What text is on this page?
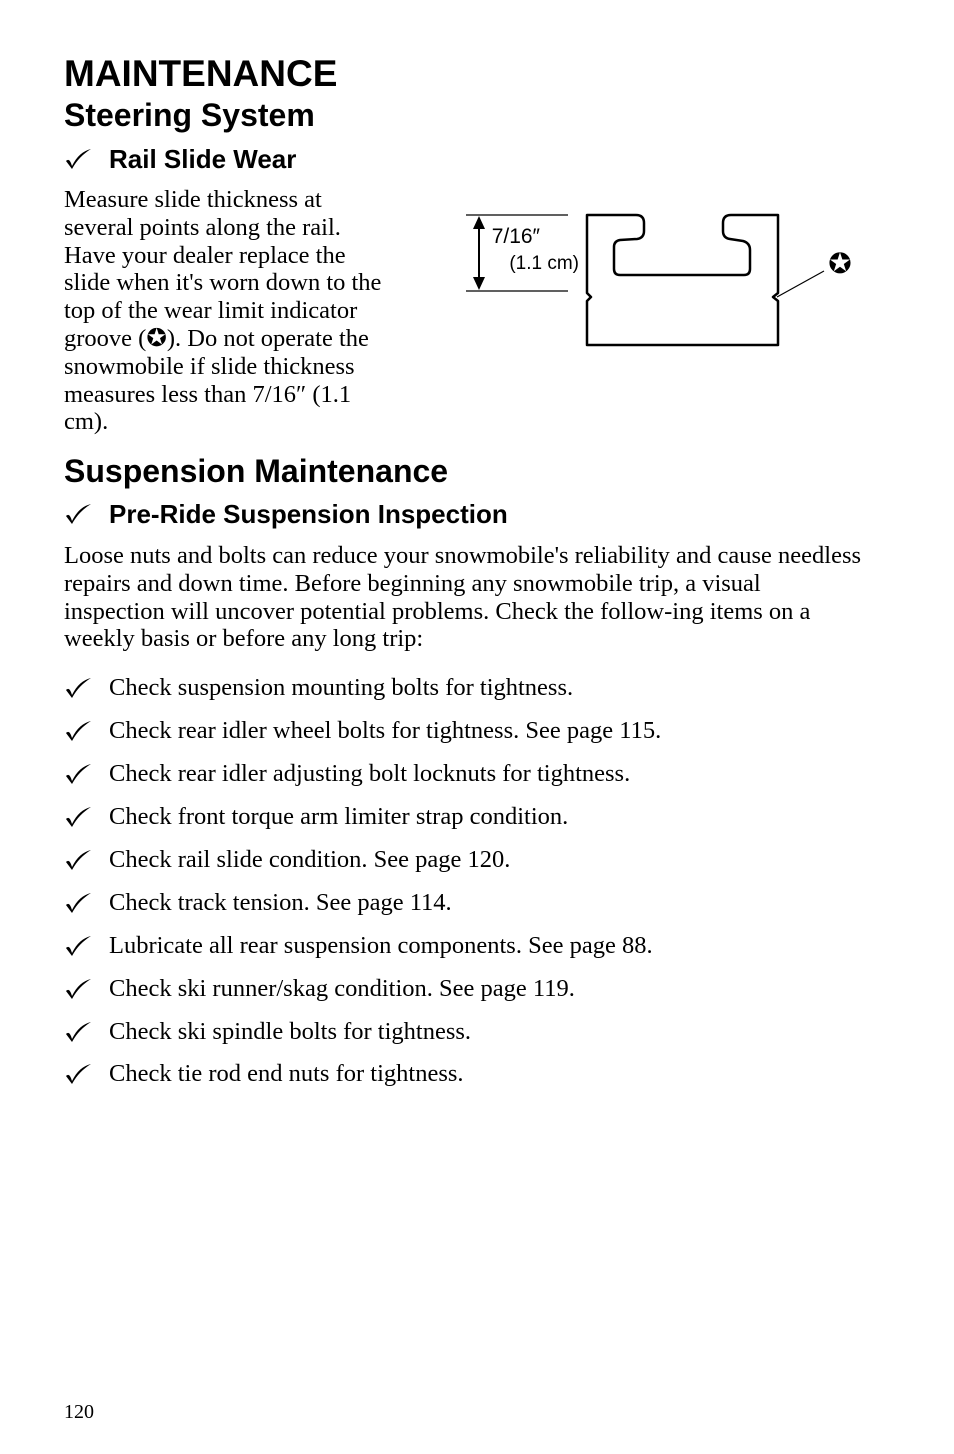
MAINTENANCE
Steering System
Rail Slide Wear

Measure slide thickness at several points along the rail. Have your dealer replace the slide when it's worn down to the top of the wear limit indicator groove (✪). Do not operate the snowmobile if slide thickness measures less than 7/16″ (1.1 cm).

7/16″
(1.1 cm)	✪
Suspension Maintenance
Pre-Ride Suspension Inspection

Loose nuts and bolts can reduce your snowmobile's reliability and cause needless repairs and down time. Before beginning any snowmobile trip, a visual inspection will uncover potential problems. Check the follow-ing items on a weekly basis or before any long trip:

Check suspension mounting bolts for tightness.
Check rear idler wheel bolts for tightness. See page 115.
Check rear idler adjusting bolt locknuts for tightness.
Check front torque arm limiter strap condition.
Check rail slide condition. See page 120.
Check track tension. See page 114.
Lubricate all rear suspension components. See page 88.
Check ski runner/skag condition. See page 119.
Check ski spindle bolts for tightness.
Check tie rod end nuts for tightness.

120
